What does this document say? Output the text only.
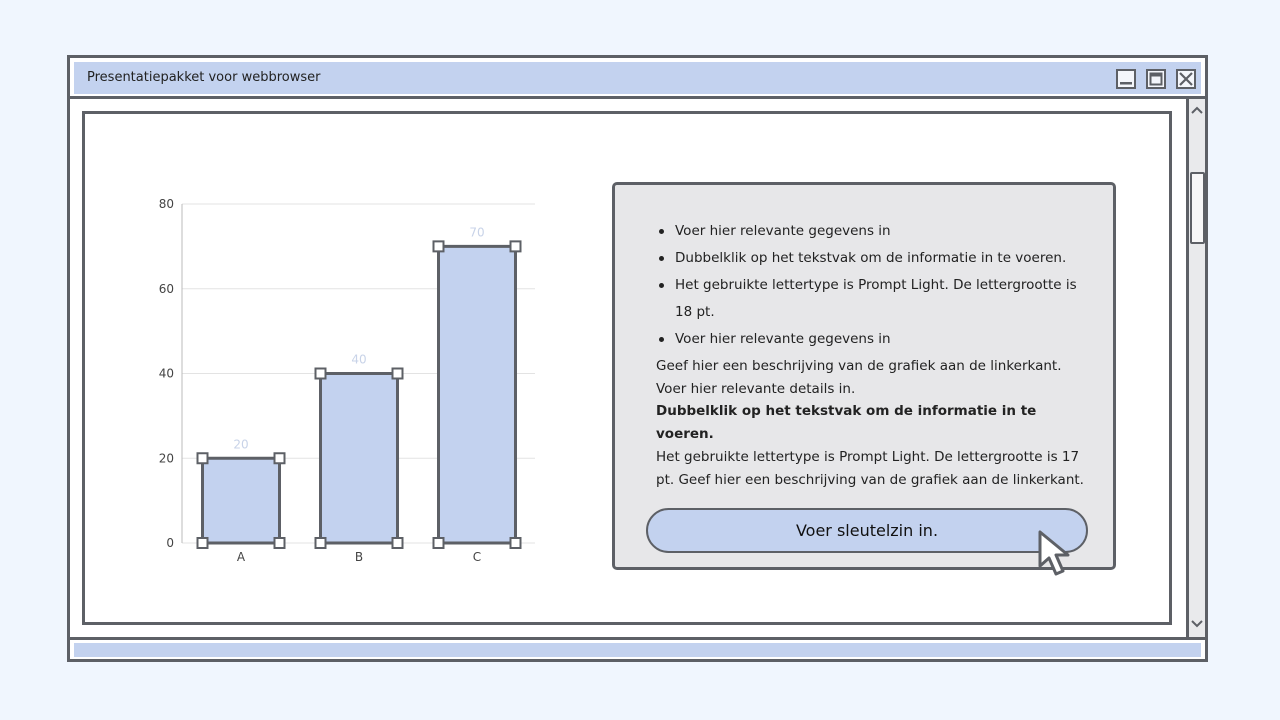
Presentatiepakket voor webbrowser
0
20
40
60
80
20
A
40
B
70
C
Voer hier relevante gegevens in
Dubbelklik op het tekstvak om de informatie in te voeren.
Het gebruikte lettertype is Prompt Light. De lettergrootte is 18 pt.
Voer hier relevante gegevens in
Geef hier een beschrijving van de grafiek aan de linkerkant.
Voer hier relevante details in.
Dubbelklik op het tekstvak om de informatie in te voeren.
Het gebruikte lettertype is Prompt Light. De lettergrootte is 17 pt. Geef hier een beschrijving van de grafiek aan de linkerkant.
Voer sleutelzin in.
